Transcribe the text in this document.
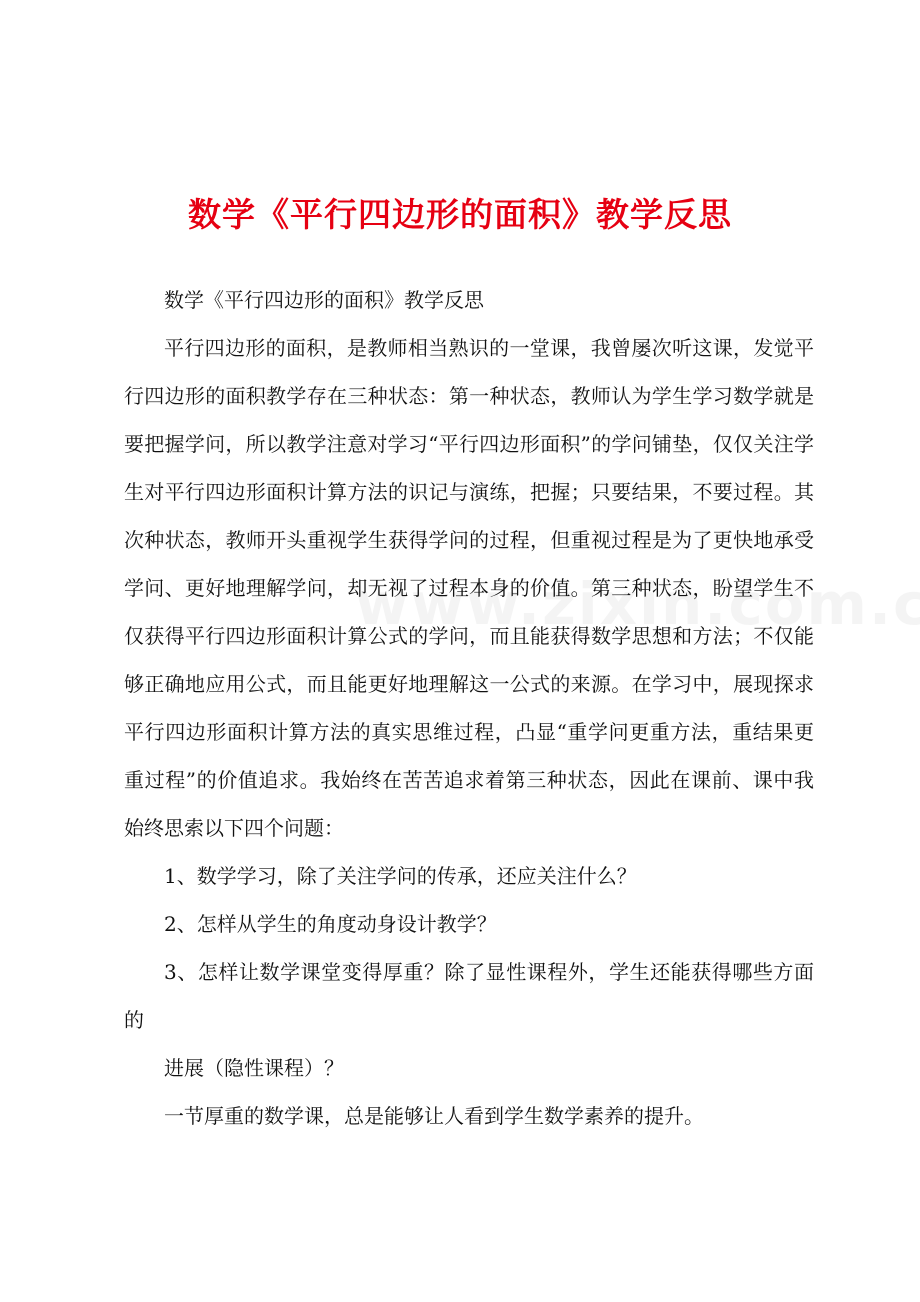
数学《平行四边形的面积》教学反思

数学《平行四边形的面积》教学反思

平行四边形的面积，是教师相当熟识的一堂课，我曾屡次听这课，发觉平行四边形的面积教学存在三种状态：第一种状态，教师认为学生学习数学就是要把握学问，所以教学注意对学习“平行四边形面积”的学问铺垫，仅仅关注学生对平行四边形面积计算方法的识记与演练，把握；只要结果，不要过程。其次种状态，教师开头重视学生获得学问的过程，但重视过程是为了更快地承受学问、更好地理解学问，却无视了过程本身的价值。第三种状态，盼望学生不仅获得平行四边形面积计算公式的学问，而且能获得数学思想和方法；不仅能够正确地应用公式，而且能更好地理解这一公式的来源。在学习中，展现探求平行四边形面积计算方法的真实思维过程，凸显“重学问更重方法，重结果更重过程”的价值追求。我始终在苦苦追求着第三种状态，因此在课前、课中我始终思索以下四个问题：

1、数学学习，除了关注学问的传承，还应关注什么？

2、怎样从学生的角度动身设计教学？

3、怎样让数学课堂变得厚重？除了显性课程外，学生还能获得哪些方面的

进展（隐性课程）？

一节厚重的数学课，总是能够让人看到学生数学素养的提升。
